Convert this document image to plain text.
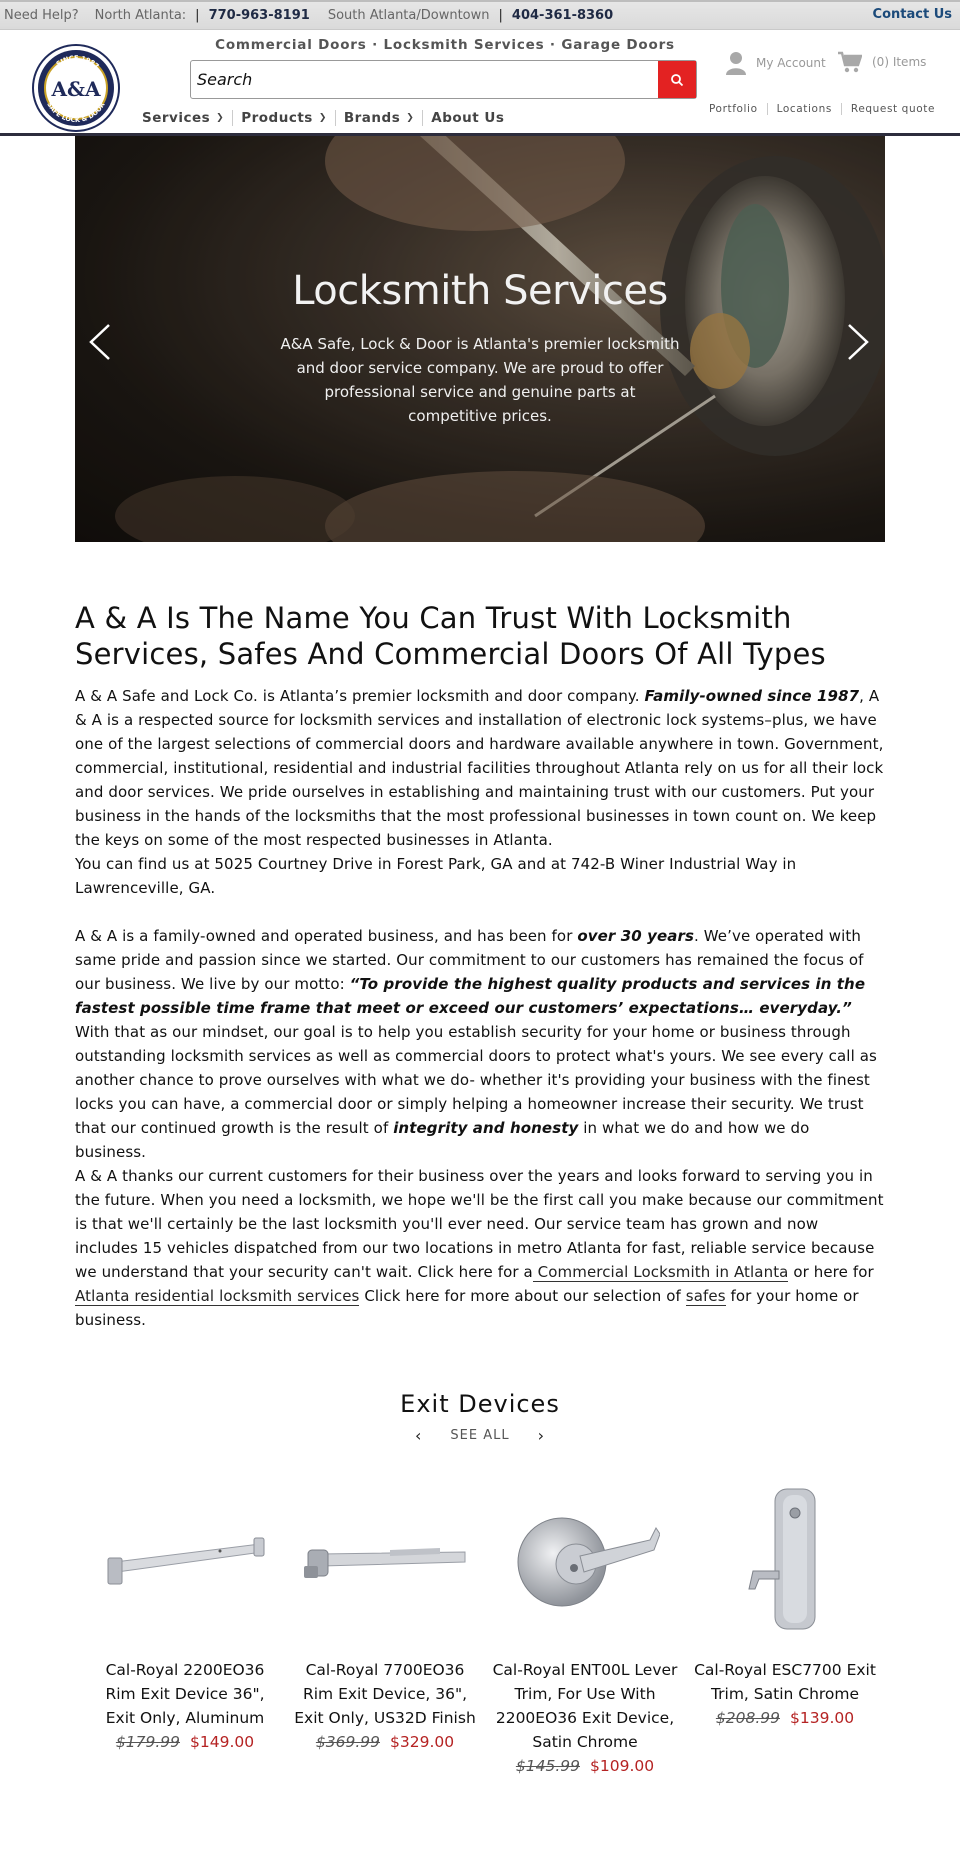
Need Help? North Atlanta: | 770-963-8191 South Atlanta/Downtown | 404-361-8360	Contact Us
SINCE 1987
SAFE LOCK & DOOR
A&A
Commercial Doors · Locksmith Services · Garage Doors
Search
Services ❯ Products ❯ Brands ❯ About Us
My Account	(0) Items
Portfolio	Locations	Request quote
Locksmith Services
A&A Safe, Lock & Door is Atlanta's premier locksmith and door service company. We are proud to offer professional service and genuine parts at competitive prices.
A & A Is The Name You Can Trust With Locksmith Services, Safes And Commercial Doors Of All Types

A & A Safe and Lock Co. is Atlanta’s premier locksmith and door company. Family-owned since 1987, A & A is a respected source for locksmith services and installation of electronic lock systems–plus, we have one of the largest selections of commercial doors and hardware available anywhere in town. Government, commercial, institutional, residential and industrial facilities throughout Atlanta rely on us for all their lock and door services. We pride ourselves in establishing and maintaining trust with our customers. Put your business in the hands of the locksmiths that the most professional businesses in town count on. We keep the keys on some of the most respected businesses in Atlanta.

You can find us at 5025 Courtney Drive in Forest Park, GA and at 742-B Winer Industrial Way in Lawrenceville, GA.

A & A is a family-owned and operated business, and has been for over 30 years. We’ve operated with same pride and passion since we started. Our commitment to our customers has remained the focus of our business. We live by our motto: “To provide the highest quality products and services in the fastest possible time frame that meet or exceed our customers’ expectations… everyday.” With that as our mindset, our goal is to help you establish security for your home or business through outstanding locksmith services as well as commercial doors to protect what's yours. We see every call as another chance to prove ourselves with what we do- whether it's providing your business with the finest locks you can have, a commercial door or simply helping a homeowner increase their security. We trust that our continued growth is the result of integrity and honesty in what we do and how we do business.

A & A thanks our current customers for their business over the years and looks forward to serving you in the future. When you need a locksmith, we hope we'll be the first call you make because our commitment is that we'll certainly be the last locksmith you'll ever need. Our service team has grown and now includes 15 vehicles dispatched from our two locations in metro Atlanta for fast, reliable service because we understand that your security can't wait. Click here for a Commercial Locksmith in Atlanta or here for Atlanta residential locksmith services Click here for more about our selection of safes for your home or business.

Exit Devices
‹ SEE ALL ›
Cal-Royal 2200EO36 Rim Exit Device 36", Exit Only, Aluminum
$179.99 $149.00
Cal-Royal 7700EO36 Rim Exit Device, 36", Exit Only, US32D Finish
$369.99 $329.00
Cal-Royal ENT00L Lever Trim, For Use With 2200EO36 Exit Device, Satin Chrome
$145.99 $109.00
Cal-Royal ESC7700 Exit Trim, Satin Chrome
$208.99 $139.00
